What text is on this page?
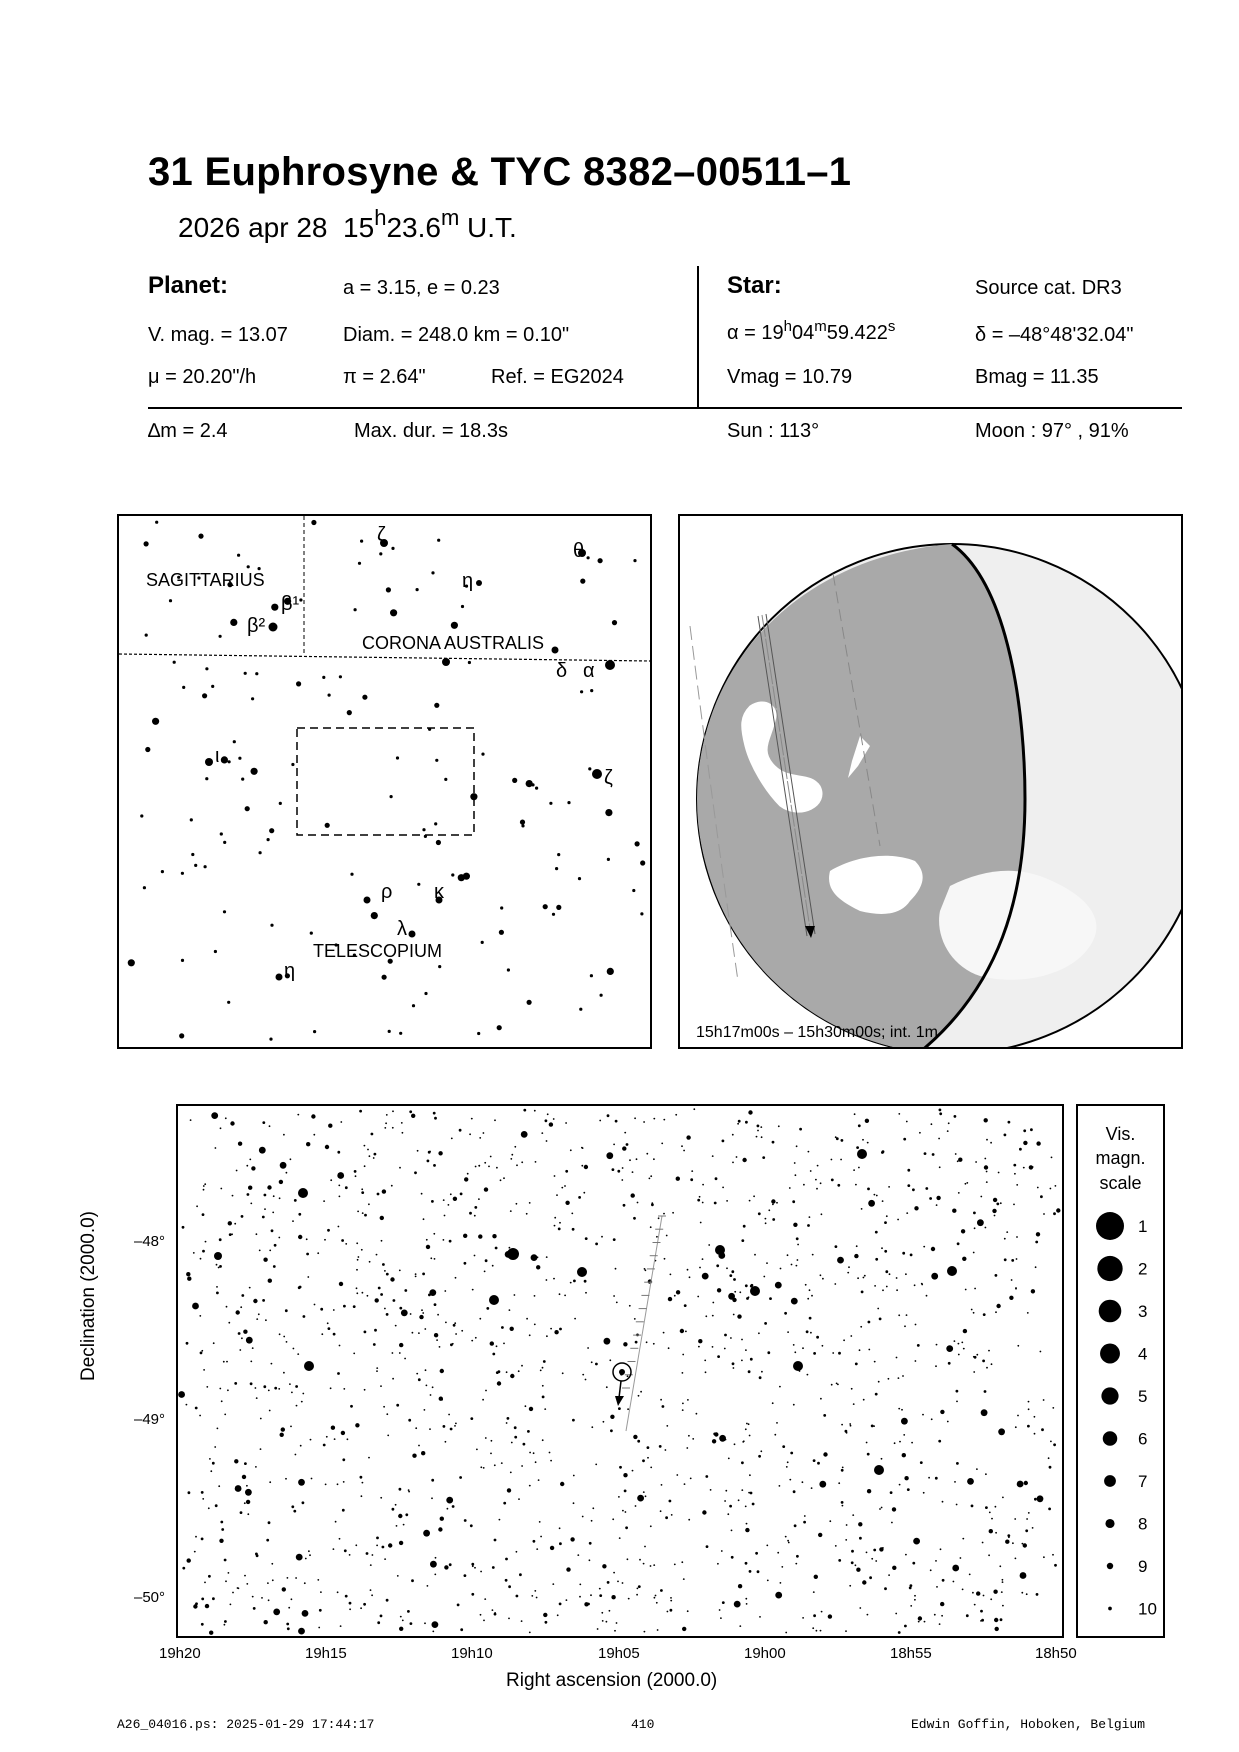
31 Euphrosyne & TYC 8382–00511–1
2026 apr 28 15$^h$23.6$^m$ U.T.
Planet:	a = 3.15, e = 0.23
V. mag. = 13.07	Diam. = 248.0 km = 0.10"
μ = 20.20"/h	π = 2.64"	Ref. = EG2024
Star:	Source cat. DR3
$\alpha = 19^h04^m59.422^s$	δ = –48°48'32.04"
Vmag = 10.79	Bmag = 11.35
∆m = 2.4	Max. dur. = 18.3s	Sun : 113°	Moon : 97° , 91%
SAGITTARIUS
CORONA AUSTRALIS
TELESCOPIUM
ζ
θ
η
β¹
β²
δ α
ι
ζ
ρ κ
λ
η
15h17m00s – 15h30m00s; int. 1m
Declination (2000.0) –48°
–49°
–50°
19h20	19h15	19h10	19h05	19h00	18h55	18h50
Right ascension (2000.0)
Vis.
magn.
scale
1
2
3
4
5
6
7
8
9
10
A26_04016.ps: 2025-01-29 17:44:17	410	Edwin Goffin, Hoboken, Belgium
